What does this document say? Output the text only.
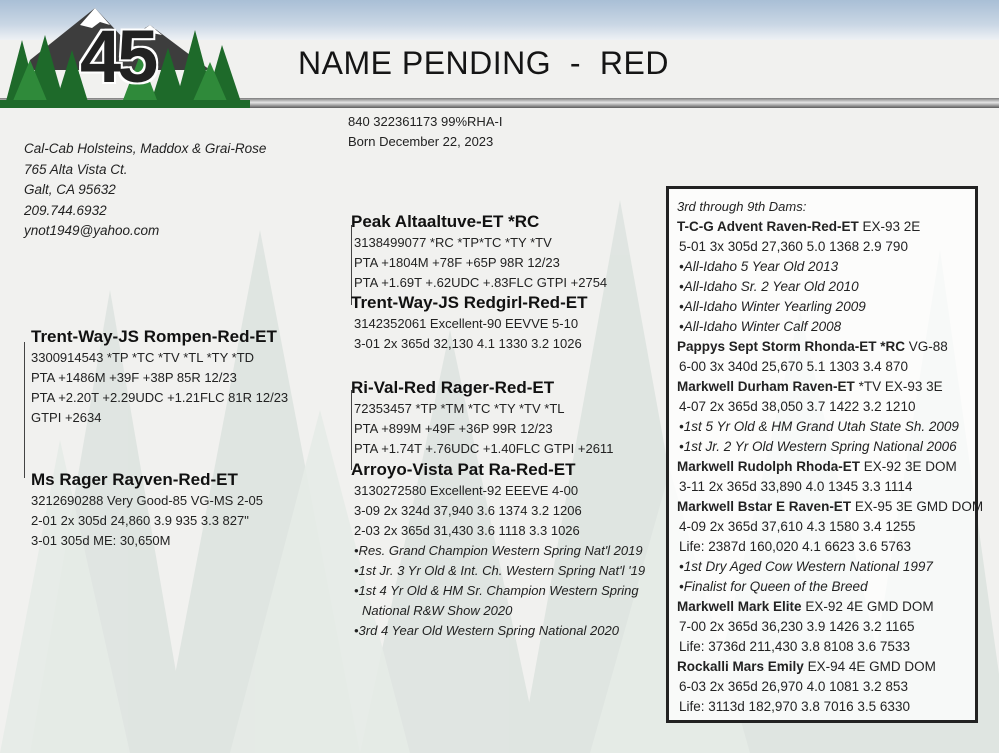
45	NAME PENDING  -  RED
840 322361173 99%RHA-I
Born December 22, 2023
Cal-Cab Holsteins, Maddox & Grai-Rose
765 Alta Vista Ct.
Galt, CA 95632
209.744.6932
ynot1949@yahoo.com
Trent-Way-JS Rompen-Red-ET
3300914543 *TP *TC *TV *TL *TY *TD
PTA +1486M +39F +38P 85R 12/23
PTA +2.20T +2.29UDC +1.21FLC 81R 12/23
GTPI +2634
Ms Rager Rayven-Red-ET
3212690288 Very Good-85 VG-MS 2-05
2-01 2x 305d 24,860 3.9 935 3.3 827"
3-01 305d ME: 30,650M
Peak Altaaltuve-ET *RC
3138499077 *RC *TP*TC *TY *TV
PTA +1804M +78F +65P 98R 12/23
PTA +1.69T +.62UDC +.83FLC GTPI +2754
Trent-Way-JS Redgirl-Red-ET
3142352061 Excellent-90 EEVVE 5-10
3-01 2x 365d 32,130 4.1 1330 3.2 1026
Ri-Val-Red Rager-Red-ET
72353457 *TP *TM *TC *TY *TV *TL
PTA +899M +49F +36P 99R 12/23
PTA +1.74T +.76UDC +1.40FLC GTPI +2611
Arroyo-Vista Pat Ra-Red-ET
3130272580 Excellent-92 EEEVE 4-00
3-09 2x 324d 37,940 3.6 1374 3.2 1206
2-03 2x 365d 31,430 3.6 1118 3.3 1026
•Res. Grand Champion Western Spring Nat'l 2019
•1st Jr. 3 Yr Old & Int. Ch. Western Spring Nat'l '19
•1st 4 Yr Old & HM Sr. Champion Western Spring
National R&W Show 2020
•3rd 4 Year Old Western Spring National 2020
3rd through 9th Dams:
T-C-G Advent Raven-Red-ET EX-93 2E
5-01 3x 305d 27,360 5.0 1368 2.9 790
•All-Idaho 5 Year Old 2013
•All-Idaho Sr. 2 Year Old 2010
•All-Idaho Winter Yearling 2009
•All-Idaho Winter Calf 2008
Pappys Sept Storm Rhonda-ET *RC VG-88
6-00 3x 340d 25,670 5.1 1303 3.4 870
Markwell Durham Raven-ET *TV EX-93 3E
4-07 2x 365d 38,050 3.7 1422 3.2 1210
•1st 5 Yr Old & HM Grand Utah State Sh. 2009
•1st Jr. 2 Yr Old Western Spring National 2006
Markwell Rudolph Rhoda-ET EX-92 3E DOM
3-11 2x 365d 33,890 4.0 1345 3.3 1114
Markwell Bstar E Raven-ET EX-95 3E GMD DOM
4-09 2x 365d 37,610 4.3 1580 3.4 1255
Life: 2387d 160,020 4.1 6623 3.6 5763
•1st Dry Aged Cow Western National 1997
•Finalist for Queen of the Breed
Markwell Mark Elite EX-92 4E GMD DOM
7-00 2x 365d 36,230 3.9 1426 3.2 1165
Life: 3736d 211,430 3.8 8108 3.6 7533
Rockalli Mars Emily EX-94 4E GMD DOM
6-03 2x 365d 26,970 4.0 1081 3.2 853
Life: 3113d 182,970 3.8 7016 3.5 6330
